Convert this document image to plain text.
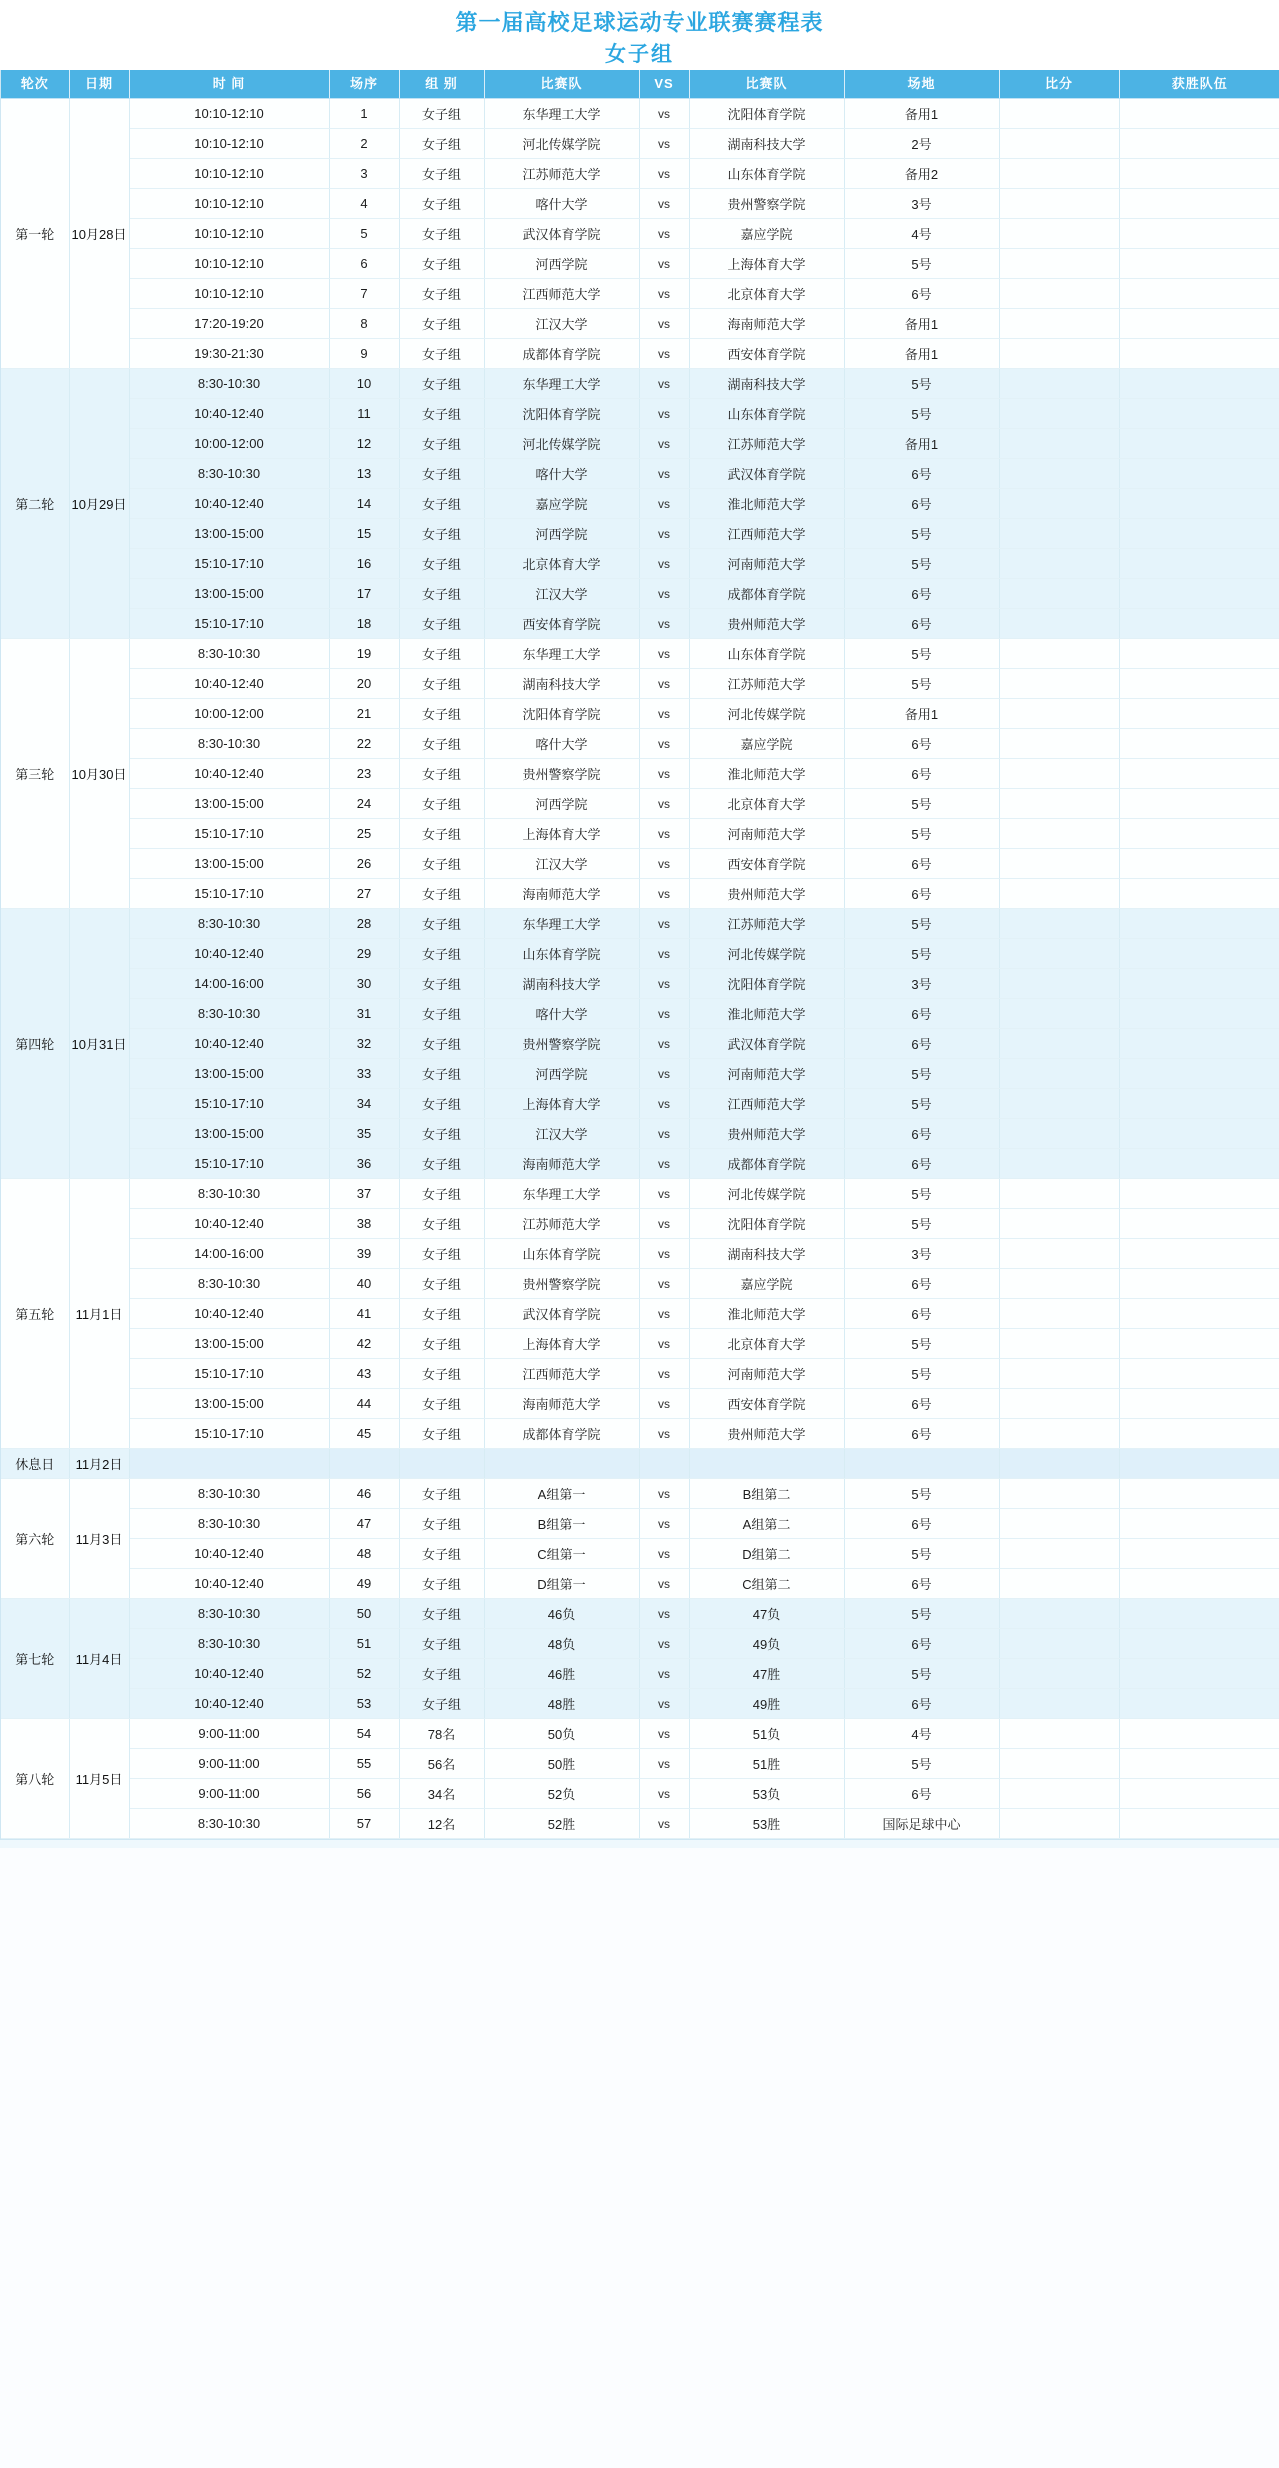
第一届高校足球运动专业联赛赛程表
女子组
轮次	日期	时 间	场序	组 别	比赛队	VS	比赛队	场地	比分	获胜队伍
第一轮	10月28日	10:10-12:10	1	女子组	东华理工大学	vs	沈阳体育学院	备用1		
		10:10-12:10	2	女子组	河北传媒学院	vs	湖南科技大学	2号		
		10:10-12:10	3	女子组	江苏师范大学	vs	山东体育学院	备用2		
		10:10-12:10	4	女子组	喀什大学	vs	贵州警察学院	3号		
		10:10-12:10	5	女子组	武汉体育学院	vs	嘉应学院	4号		
		10:10-12:10	6	女子组	河西学院	vs	上海体育大学	5号		
		10:10-12:10	7	女子组	江西师范大学	vs	北京体育大学	6号		
		17:20-19:20	8	女子组	江汉大学	vs	海南师范大学	备用1		
		19:30-21:30	9	女子组	成都体育学院	vs	西安体育学院	备用1		
第二轮	10月29日	8:30-10:30	10	女子组	东华理工大学	vs	湖南科技大学	5号		
		10:40-12:40	11	女子组	沈阳体育学院	vs	山东体育学院	5号		
		10:00-12:00	12	女子组	河北传媒学院	vs	江苏师范大学	备用1		
		8:30-10:30	13	女子组	喀什大学	vs	武汉体育学院	6号		
		10:40-12:40	14	女子组	嘉应学院	vs	淮北师范大学	6号		
		13:00-15:00	15	女子组	河西学院	vs	江西师范大学	5号		
		15:10-17:10	16	女子组	北京体育大学	vs	河南师范大学	5号		
		13:00-15:00	17	女子组	江汉大学	vs	成都体育学院	6号		
		15:10-17:10	18	女子组	西安体育学院	vs	贵州师范大学	6号		
第三轮	10月30日	8:30-10:30	19	女子组	东华理工大学	vs	山东体育学院	5号		
		10:40-12:40	20	女子组	湖南科技大学	vs	江苏师范大学	5号		
		10:00-12:00	21	女子组	沈阳体育学院	vs	河北传媒学院	备用1		
		8:30-10:30	22	女子组	喀什大学	vs	嘉应学院	6号		
		10:40-12:40	23	女子组	贵州警察学院	vs	淮北师范大学	6号		
		13:00-15:00	24	女子组	河西学院	vs	北京体育大学	5号		
		15:10-17:10	25	女子组	上海体育大学	vs	河南师范大学	5号		
		13:00-15:00	26	女子组	江汉大学	vs	西安体育学院	6号		
		15:10-17:10	27	女子组	海南师范大学	vs	贵州师范大学	6号		
第四轮	10月31日	8:30-10:30	28	女子组	东华理工大学	vs	江苏师范大学	5号		
		10:40-12:40	29	女子组	山东体育学院	vs	河北传媒学院	5号		
		14:00-16:00	30	女子组	湖南科技大学	vs	沈阳体育学院	3号		
		8:30-10:30	31	女子组	喀什大学	vs	淮北师范大学	6号		
		10:40-12:40	32	女子组	贵州警察学院	vs	武汉体育学院	6号		
		13:00-15:00	33	女子组	河西学院	vs	河南师范大学	5号		
		15:10-17:10	34	女子组	上海体育大学	vs	江西师范大学	5号		
		13:00-15:00	35	女子组	江汉大学	vs	贵州师范大学	6号		
		15:10-17:10	36	女子组	海南师范大学	vs	成都体育学院	6号		
第五轮	11月1日	8:30-10:30	37	女子组	东华理工大学	vs	河北传媒学院	5号		
		10:40-12:40	38	女子组	江苏师范大学	vs	沈阳体育学院	5号		
		14:00-16:00	39	女子组	山东体育学院	vs	湖南科技大学	3号		
		8:30-10:30	40	女子组	贵州警察学院	vs	嘉应学院	6号		
		10:40-12:40	41	女子组	武汉体育学院	vs	淮北师范大学	6号		
		13:00-15:00	42	女子组	上海体育大学	vs	北京体育大学	5号		
		15:10-17:10	43	女子组	江西师范大学	vs	河南师范大学	5号		
		13:00-15:00	44	女子组	海南师范大学	vs	西安体育学院	6号		
		15:10-17:10	45	女子组	成都体育学院	vs	贵州师范大学	6号		
休息日	11月2日									
第六轮	11月3日	8:30-10:30	46	女子组	A组第一	vs	B组第二	5号		
		8:30-10:30	47	女子组	B组第一	vs	A组第二	6号		
		10:40-12:40	48	女子组	C组第一	vs	D组第二	5号		
		10:40-12:40	49	女子组	D组第一	vs	C组第二	6号		
第七轮	11月4日	8:30-10:30	50	女子组	46负	vs	47负	5号		
		8:30-10:30	51	女子组	48负	vs	49负	6号		
		10:40-12:40	52	女子组	46胜	vs	47胜	5号		
		10:40-12:40	53	女子组	48胜	vs	49胜	6号		
第八轮	11月5日	9:00-11:00	54	78名	50负	vs	51负	4号		
		9:00-11:00	55	56名	50胜	vs	51胜	5号		
		9:00-11:00	56	34名	52负	vs	53负	6号		
		8:30-10:30	57	12名	52胜	vs	53胜	国际足球中心		
